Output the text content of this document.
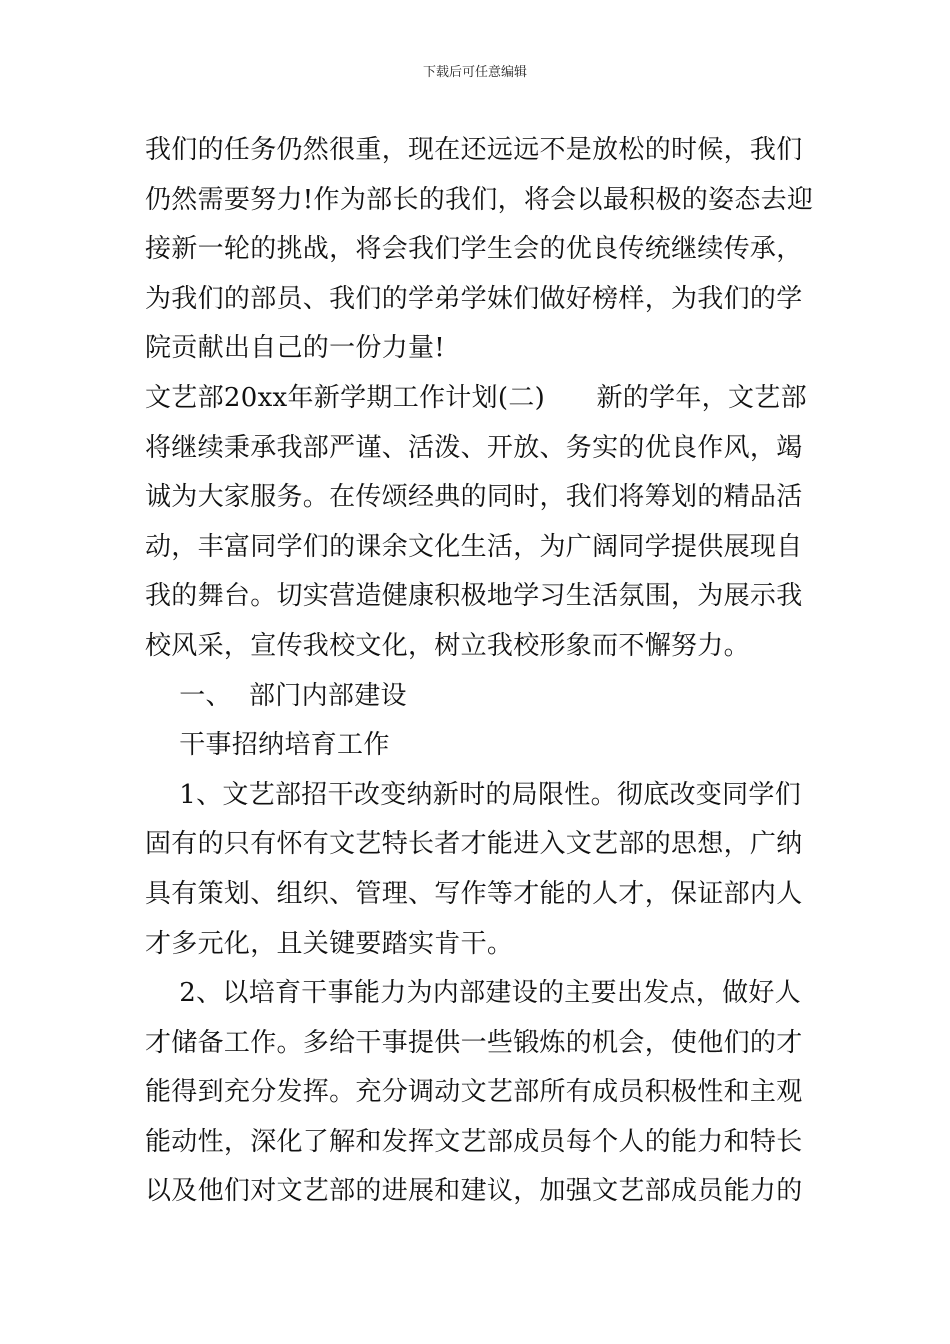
下载后可任意编辑
我们的任务仍然很重，现在还远远不是放松的时候，我们
仍然需要努力!作为部长的我们，将会以最积极的姿态去迎
接新一轮的挑战，将会我们学生会的优良传统继续传承，
为我们的部员、我们的学弟学妹们做好榜样，为我们的学
院贡献出自己的一份力量!
文艺部20xx年新学期工作计划(二)      新的学年，文艺部
将继续秉承我部严谨、活泼、开放、务实的优良作风，竭
诚为大家服务。在传颂经典的同时，我们将筹划的精品活
动，丰富同学们的课余文化生活，为广阔同学提供展现自
我的舞台。切实营造健康积极地学习生活氛围，为展示我
校风采，宣传我校文化，树立我校形象而不懈努力。
一、  部门内部建设
干事招纳培育工作
1、文艺部招干改变纳新时的局限性。彻底改变同学们
固有的只有怀有文艺特长者才能进入文艺部的思想，广纳
具有策划、组织、管理、写作等才能的人才，保证部内人
才多元化，且关键要踏实肯干。
2、以培育干事能力为内部建设的主要出发点，做好人
才储备工作。多给干事提供一些锻炼的机会，使他们的才
能得到充分发挥。充分调动文艺部所有成员积极性和主观
能动性，深化了解和发挥文艺部成员每个人的能力和特长
以及他们对文艺部的进展和建议，加强文艺部成员能力的
